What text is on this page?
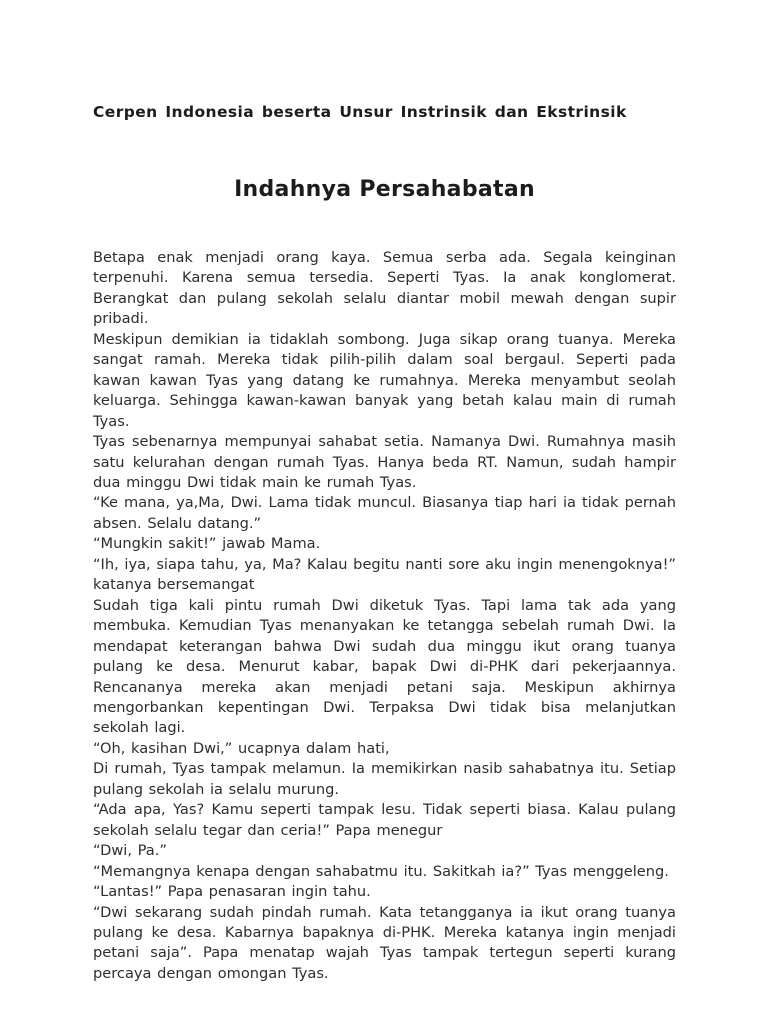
Cerpen Indonesia beserta Unsur Instrinsik dan Ekstrinsik
Indahnya Persahabatan

Betapa enak menjadi orang kaya. Semua serba ada. Segala keinginan terpenuhi. Karena semua tersedia. Seperti Tyas. Ia anak konglomerat. Berangkat dan pulang sekolah selalu diantar mobil mewah dengan supir pribadi.

Meskipun demikian ia tidaklah sombong. Juga sikap orang tuanya. Mereka sangat ramah. Mereka tidak pilih-pilih dalam soal bergaul. Seperti pada kawan kawan Tyas yang datang ke rumahnya. Mereka menyambut seolah keluarga. Sehingga kawan-kawan banyak yang betah kalau main di rumah Tyas.

Tyas sebenarnya mempunyai sahabat setia. Namanya Dwi. Rumahnya masih satu kelurahan dengan rumah Tyas. Hanya beda RT. Namun, sudah hampir dua minggu Dwi tidak main ke rumah Tyas.

“Ke mana, ya,Ma, Dwi. Lama tidak muncul. Biasanya tiap hari ia tidak pernah absen. Selalu datang.”

“Mungkin sakit!” jawab Mama.

“Ih, iya, siapa tahu, ya, Ma? Kalau begitu nanti sore aku ingin menengoknya!” katanya bersemangat

Sudah tiga kali pintu rumah Dwi diketuk Tyas. Tapi lama tak ada yang membuka. Kemudian Tyas menanyakan ke tetangga sebelah rumah Dwi. Ia mendapat keterangan bahwa Dwi sudah dua minggu ikut orang tuanya pulang ke desa. Menurut kabar, bapak Dwi di-PHK dari pekerjaannya. Rencananya mereka akan menjadi petani saja. Meskipun akhirnya mengorbankan kepentingan Dwi. Terpaksa Dwi tidak bisa melanjutkan sekolah lagi.

“Oh, kasihan Dwi,” ucapnya dalam hati,

Di rumah, Tyas tampak melamun. Ia memikirkan nasib sahabatnya itu. Setiap pulang sekolah ia selalu murung.

“Ada apa, Yas? Kamu seperti tampak lesu. Tidak seperti biasa. Kalau pulang sekolah selalu tegar dan ceria!” Papa menegur

“Dwi, Pa.”

“Memangnya kenapa dengan sahabatmu itu. Sakitkah ia?” Tyas menggeleng.

“Lantas!” Papa penasaran ingin tahu.

“Dwi sekarang sudah pindah rumah. Kata tetangganya ia ikut orang tuanya pulang ke desa. Kabarnya bapaknya di-PHK. Mereka katanya ingin menjadi petani saja”. Papa menatap wajah Tyas tampak tertegun seperti kurang percaya dengan omongan Tyas.
